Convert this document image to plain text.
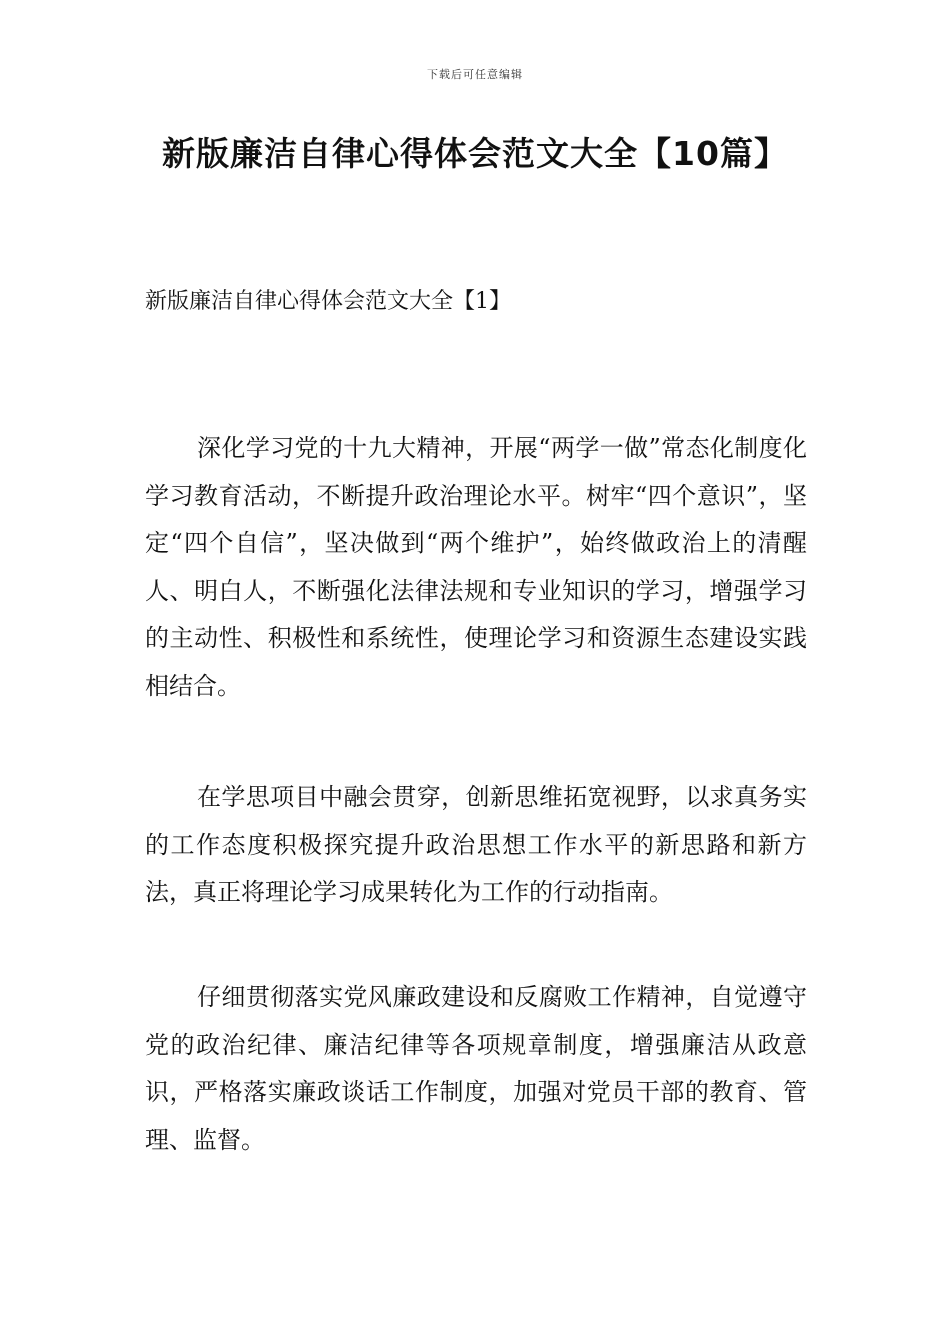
下载后可任意编辑
新版廉洁自律心得体会范文大全【10篇】
新版廉洁自律心得体会范文大全【1】
深化学习党的十九大精神，开展“两学一做”常态化制度化学习教育活动，不断提升政治理论水平。树牢“四个意识”，坚定“四个自信”，坚决做到“两个维护”，始终做政治上的清醒人、明白人，不断强化法律法规和专业知识的学习，增强学习的主动性、积极性和系统性，使理论学习和资源生态建设实践相结合。
在学思项目中融会贯穿，创新思维拓宽视野，以求真务实的工作态度积极探究提升政治思想工作水平的新思路和新方法，真正将理论学习成果转化为工作的行动指南。
仔细贯彻落实党风廉政建设和反腐败工作精神，自觉遵守党的政治纪律、廉洁纪律等各项规章制度，增强廉洁从政意识，严格落实廉政谈话工作制度，加强对党员干部的教育、管理、监督。
